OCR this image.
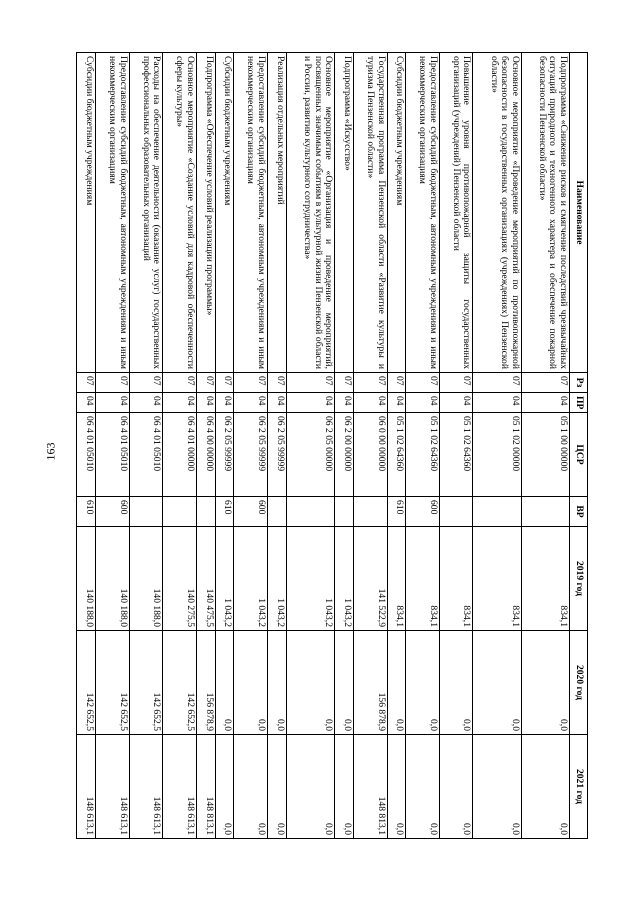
163
Наименование	Рз	ПР	ЦСР	ВР	2019 год	2020 год	2021 год
Подпрограмма «Снижение рисков и смягчение последствий чрезвычайных ситуаций природного и техногенного характера и обеспечение пожарной безопасности Пензенской области»	07	04	05 1 00 00000		834,1	0,0	0,0
Основное мероприятие «Проведение мероприятий по противопожарной безопасности в государственных организациях (учреждениях) Пензенской области»	07	04	05 1 02 00000		834,1	0,0	0,0
Повышение уровня противопожарной защиты государственных организаций (учреждений) Пензенской области	07	04	05 1 02 64360		834,1	0,0	0,0
Предоставление субсидий бюджетным, автономным учреждениям и иным некоммерческим организациям	07	04	05 1 02 64360	600	834,1	0,0	0,0
Субсидии бюджетным учреждениям	07	04	05 1 02 64360	610	834,1	0,0	0,0
Государственная программа Пензенской области «Развитие культуры и туризма Пензенской области»	07	04	06 0 00 00000		141 522,9	156 878,9	148 813,1
Подпрограмма «Искусство»	07	04	06 2 00 00000		1 043,2	0,0	0,0
Основное мероприятие «Организация и проведение мероприятий, посвященных значимым событиям в культурной жизни Пензенской области и России, развитию культурного сотрудничества»	07	04	06 2 05 00000		1 043,2	0,0	0,0
Реализация отдельных мероприятий	07	04	06 2 05 99999		1 043,2	0,0	0,0
Предоставление субсидий бюджетным, автономным учреждениям и иным некоммерческим организациям	07	04	06 2 05 99999	600	1 043,2	0,0	0,0
Субсидии бюджетным учреждениям	07	04	06 2 05 99999	610	1 043,2	0,0	0,0
Подпрограмма «Обеспечение условий реализации программы»	07	04	06 4 00 00000		140 475,5	156 878,9	148 813,1
Основное мероприятие «Создание условий для кадровой обеспеченности сферы культуры»	07	04	06 4 01 00000		140 275,5	142 652,5	148 613,1
Расходы на обеспечение деятельности (оказание услуг) государственных профессиональных образовательных организаций	07	04	06 4 01 05010		140 188,0	142 652,5	148 613,1
Предоставление субсидий бюджетным, автономным учреждениям и иным некоммерческим организациям	07	04	06 4 01 05010	600	140 188,0	142 652,5	148 613,1
Субсидии бюджетным учреждениям	07	04	06 4 01 05010	610	140 188,0	142 652,5	148 613,1
